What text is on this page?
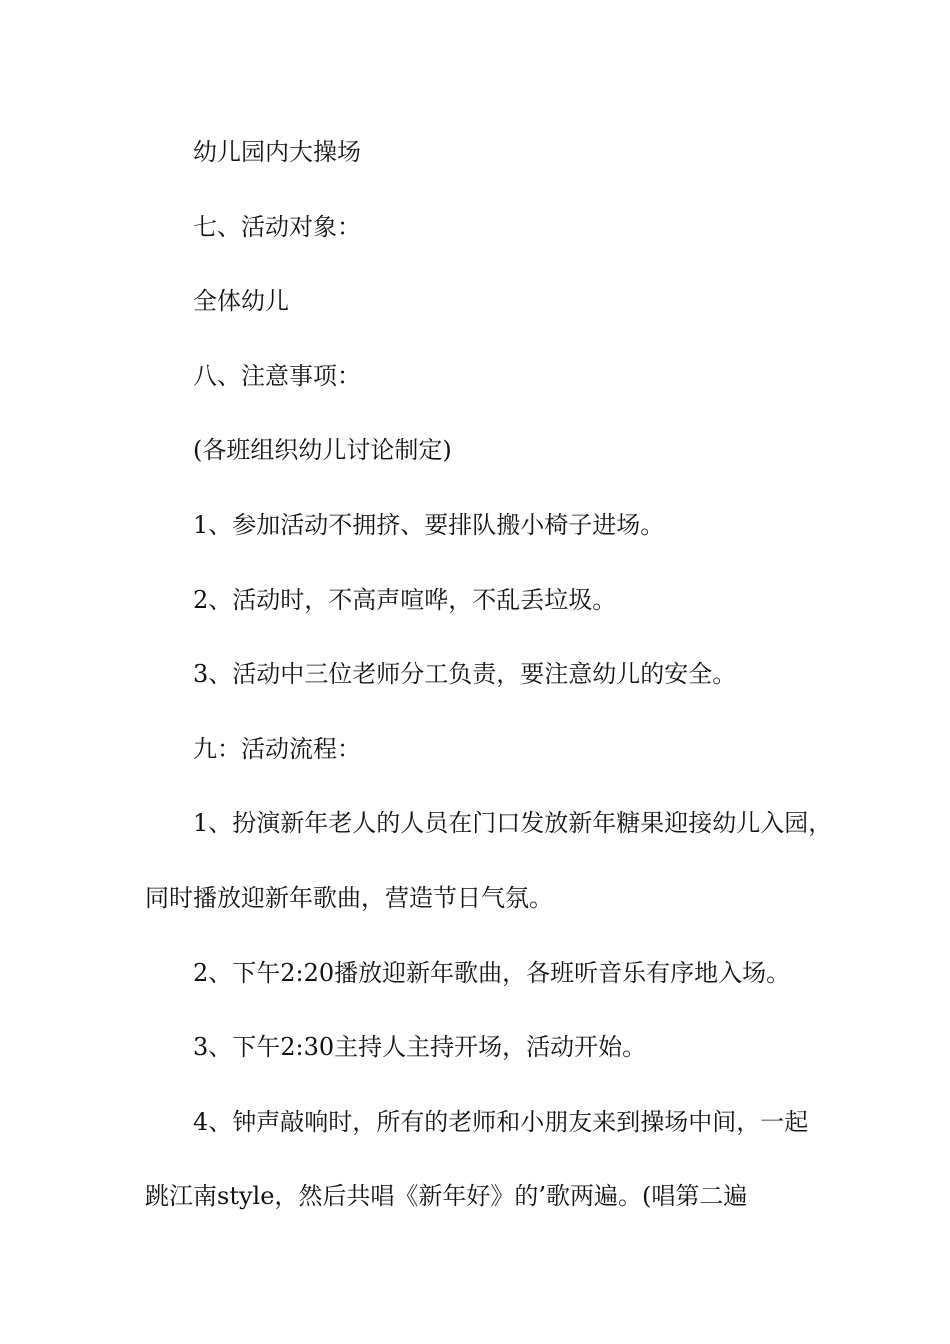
幼儿园内大操场

七、活动对象：

全体幼儿

八、注意事项：

(各班组织幼儿讨论制定)

1、参加活动不拥挤、要排队搬小椅子进场。

2、活动时，不高声喧哗，不乱丢垃圾。

3、活动中三位老师分工负责，要注意幼儿的安全。

九：活动流程：

1、扮演新年老人的人员在门口发放新年糖果迎接幼儿入园，

同时播放迎新年歌曲，营造节日气氛。

2、下午2:20播放迎新年歌曲，各班听音乐有序地入场。

3、下午2:30主持人主持开场，活动开始。

4、钟声敲响时，所有的老师和小朋友来到操场中间，一起

跳江南style，然后共唱《新年好》的’歌两遍。(唱第二遍
